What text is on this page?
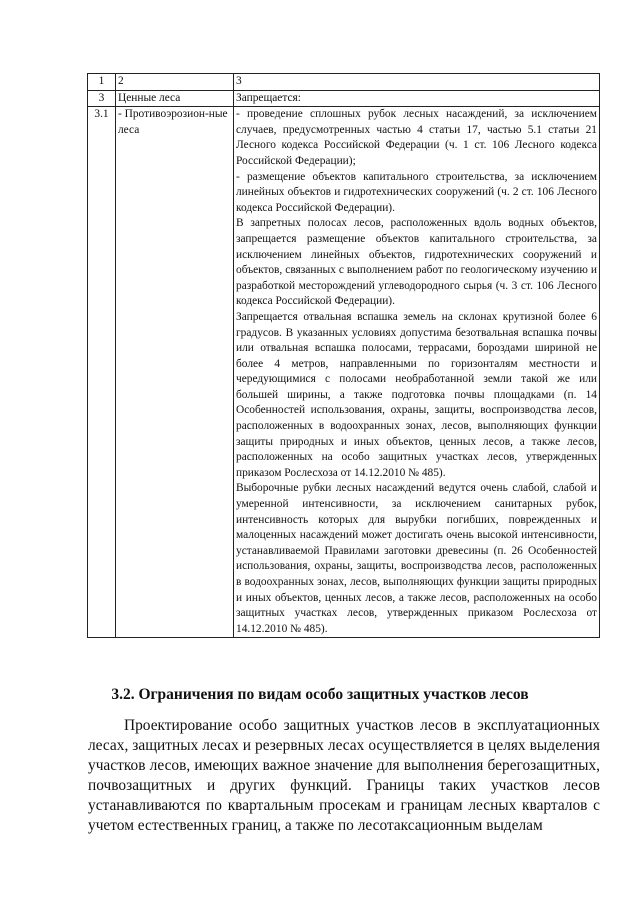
1	2	3
3	Ценные леса	Запрещается:
3.1	- Противоэрозион-ные леса	- проведение сплошных рубок лесных насаждений, за исключением случаев, предусмотренных частью 4 статьи 17, частью 5.1 статьи 21 Лесного кодекса Российской Федерации (ч. 1 ст. 106 Лесного кодекса Российской Федерации);

- размещение объектов капитального строительства, за исключением линейных объектов и гидротехнических сооружений (ч. 2 ст. 106 Лесного кодекса Российской Федерации).

В запретных полосах лесов, расположенных вдоль водных объектов, запрещается размещение объектов капитального строительства, за исключением линейных объектов, гидротехнических сооружений и объектов, связанных с выполнением работ по геологическому изучению и разработкой месторождений углеводородного сырья (ч. 3 ст. 106 Лесного кодекса Российской Федерации).

Запрещается отвальная вспашка земель на склонах крутизной более 6 градусов. В указанных условиях допустима безотвальная вспашка почвы или отвальная вспашка полосами, террасами, бороздами шириной не более 4 метров, направленными по горизонталям местности и чередующимися с полосами необработанной земли такой же или большей ширины, а также подготовка почвы площадками (п. 14 Особенностей использования, охраны, защиты, воспроизводства лесов, расположенных в водоохранных зонах, лесов, выполняющих функции защиты природных и иных объектов, ценных лесов, а также лесов, расположенных на особо защитных участках лесов, утвержденных приказом Рослесхоза от 14.12.2010 № 485).

Выборочные рубки лесных насаждений ведутся очень слабой, слабой и умеренной интенсивности, за исключением санитарных рубок, интенсивность которых для вырубки погибших, поврежденных и малоценных насаждений может достигать очень высокой интенсивности, устанавливаемой Правилами заготовки древесины (п. 26 Особенностей использования, охраны, защиты, воспроизводства лесов, расположенных в водоохранных зонах, лесов, выполняющих функции защиты природных и иных объектов, ценных лесов, а также лесов, расположенных на особо защитных участках лесов, утвержденных приказом Рослесхоза от 14.12.2010 № 485).

3.2. Ограничения по видам особо защитных участков лесов

Проектирование особо защитных участков лесов в эксплуатационных лесах, защитных лесах и резервных лесах осуществляется в целях выделения участков лесов, имеющих важное значение для выполнения берегозащитных, почвозащитных и других функций. Границы таких участков лесов устанавливаются по квартальным просекам и границам лесных кварталов с учетом естественных границ, а также по лесотаксационным выделам
